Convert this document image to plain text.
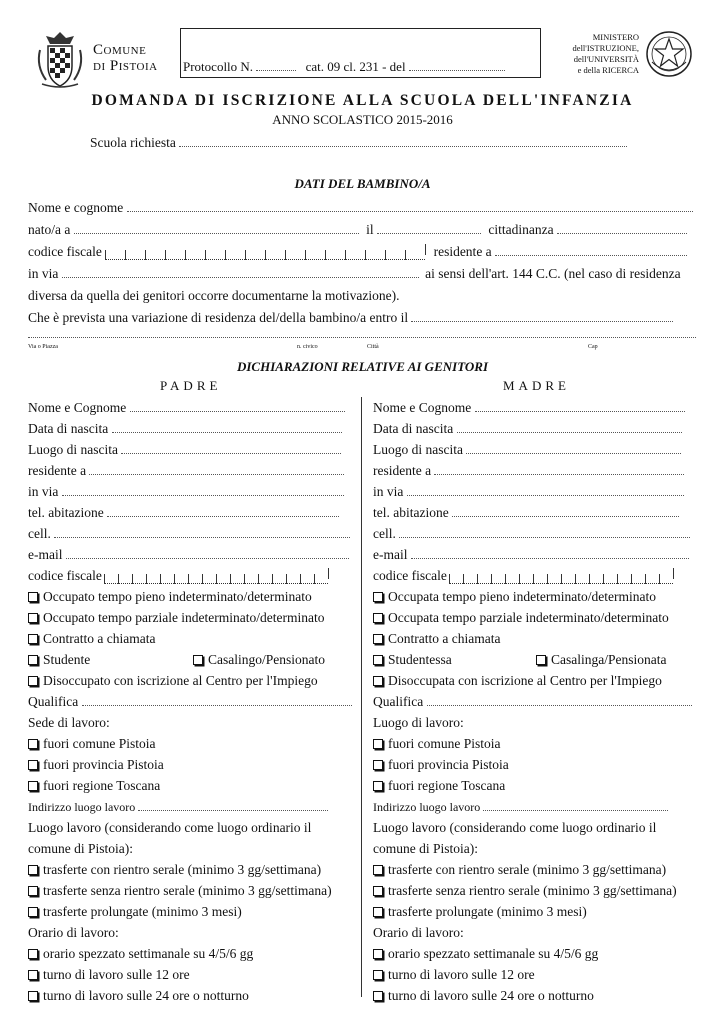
Comune
di Pistoia Protocollo N.	cat. 09 cl. 231 - del
MINISTERO
dell'ISTRUZIONE,
dell'UNIVERSITÀ
e della RICERCA
DOMANDA DI ISCRIZIONE ALLA SCUOLA DELL'INFANZIA
ANNO SCOLASTICO 2015-2016
Scuola richiesta
DATI DEL BAMBINO/A
Nome e cognome
nato/a a	il	cittadinanza
codice fiscale	residente a
in via	ai sensi dell'art. 144 C.C. (nel caso di residenza
diversa da quella dei genitori occorre documentarne la motivazione).
Che è prevista una variazione di residenza del/della bambino/a entro il
Via o Piazza	n. civico	Città	Cap
DICHIARAZIONI RELATIVE AI GENITORI
PADRE	MADRE
Nome e Cognome
Data di nascita
Luogo di nascita
residente a
in via
tel. abitazione
cell.
e-mail
codice fiscale
Occupato tempo pieno indeterminato/determinato
Occupato tempo parziale indeterminato/determinato
Contratto a chiamata
Studente	Casalingo/Pensionato
Disoccupato con iscrizione al Centro per l'Impiego
Qualifica
Sede di lavoro:
fuori comune Pistoia
fuori provincia Pistoia
fuori regione Toscana
Indirizzo luogo lavoro
Luogo lavoro (considerando come luogo ordinario il
comune di Pistoia):
trasferte con rientro serale (minimo 3 gg/settimana)
trasferte senza rientro serale (minimo 3 gg/settimana)
trasferte prolungate (minimo 3 mesi)
Orario di lavoro:
orario spezzato settimanale su 4/5/6 gg
turno di lavoro sulle 12 ore
turno di lavoro sulle 24 ore o notturno
Nome e Cognome
Data di nascita
Luogo di nascita
residente a
in via
tel. abitazione
cell.
e-mail
codice fiscale
Occupata tempo pieno indeterminato/determinato
Occupata tempo parziale indeterminato/determinato
Contratto a chiamata
Studentessa	Casalinga/Pensionata
Disoccupata con iscrizione al Centro per l'Impiego
Qualifica
Luogo di lavoro:
fuori comune Pistoia
fuori provincia Pistoia
fuori regione Toscana
Indirizzo luogo lavoro
Luogo lavoro (considerando come luogo ordinario il
comune di Pistoia):
trasferte con rientro serale (minimo 3 gg/settimana)
trasferte senza rientro serale (minimo 3 gg/settimana)
trasferte prolungate (minimo 3 mesi)
Orario di lavoro:
orario spezzato settimanale su 4/5/6 gg
turno di lavoro sulle 12 ore
turno di lavoro sulle 24 ore o notturno
